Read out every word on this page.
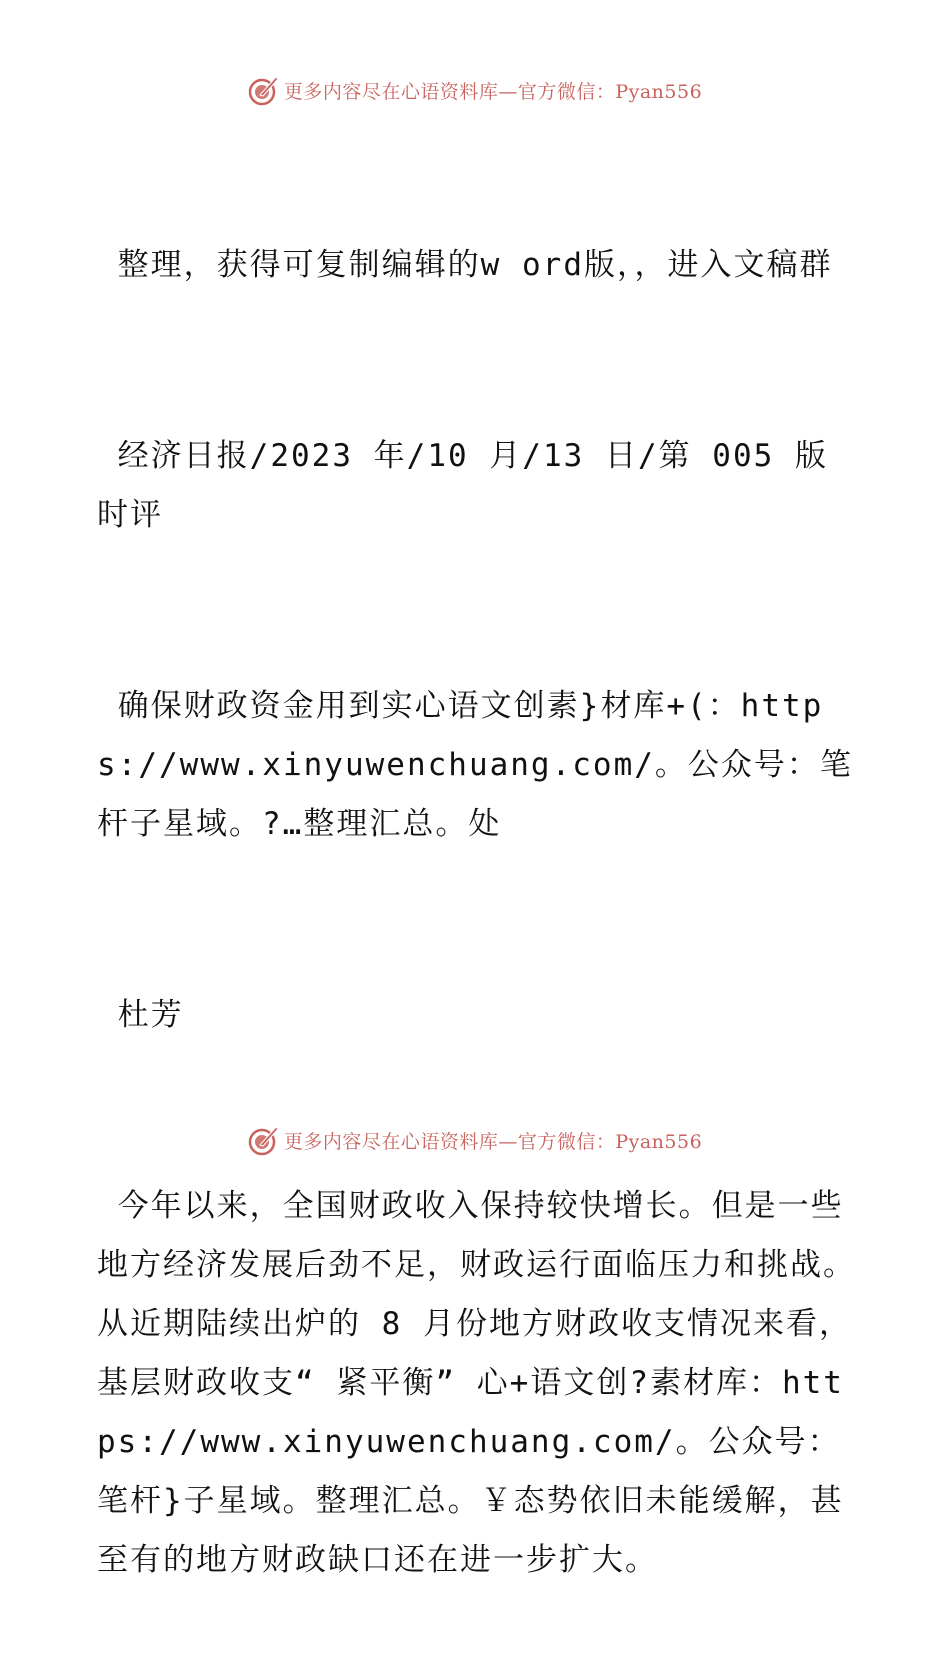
更多内容尽在心语资料库—官方微信：Pyan556

整理，获得可复制编辑的w ord版，，进入文稿群

经济日报/2023 年/10 月/13 日/第 005 版时评

确保财政资金用到实心语文创素}材库+(：https://www.xinyuwenchuang.com/。公众号：笔杆子星域。?…整理汇总。处

杜芳

今年以来，全国财政收入保持较快增长。但是一些地方经济发展后劲不足，财政运行面临压力和挑战。从近期陆续出炉的 8 月份地方财政收支情况来看，基层财政收支“ 紧平衡” 心+语文创?素材库：https://www.xinyuwenchuang.com/。公众号：笔杆}子星域。整理汇总。￥态势依旧未能缓解，甚至有的地方财政缺口还在进一步扩大。

更多内容尽在心语资料库—官方微信：Pyan556
